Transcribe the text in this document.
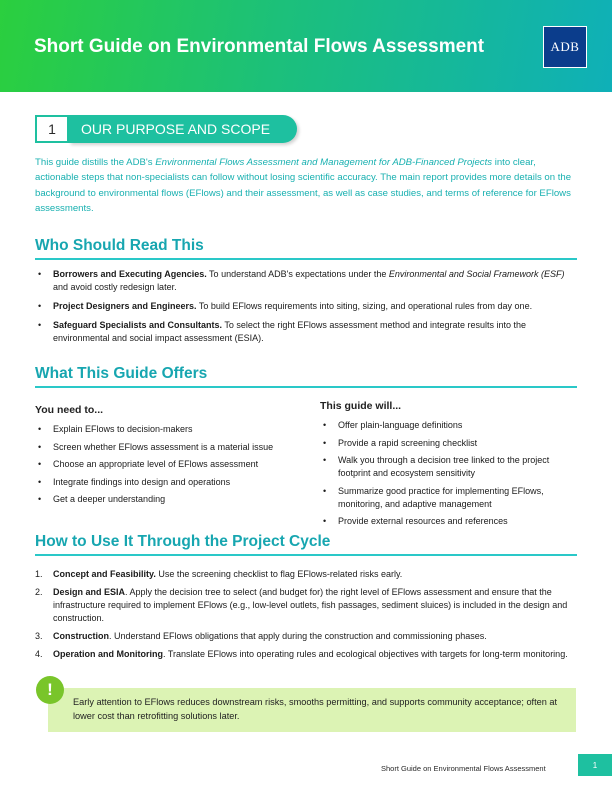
Short Guide on Environmental Flows Assessment	ADB
1	OUR PURPOSE AND SCOPE

This guide distills the ADB's Environmental Flows Assessment and Management for ADB-Financed Projects into clear, actionable steps that non-specialists can follow without losing scientific accuracy. The main report provides more details on the background to environmental flows (EFlows) and their assessment, as well as case studies, and terms of reference for EFlows assessments.

Who Should Read This
• Borrowers and Executing Agencies. To understand ADB's expectations under the Environmental and Social Framework (ESF) and avoid costly redesign later.
• Project Designers and Engineers. To build EFlows requirements into siting, sizing, and operational rules from day one.
• Safeguard Specialists and Consultants. To select the right EFlows assessment method and integrate results into the environmental and social impact assessment (ESIA).
What This Guide Offers
You need to...
• Explain EFlows to decision-makers
• Screen whether EFlows assessment is a material issue
• Choose an appropriate level of EFlows assessment
• Integrate findings into design and operations
• Get a deeper understanding
This guide will...
• Offer plain-language definitions
• Provide a rapid screening checklist
• Walk you through a decision tree linked to the project footprint and ecosystem sensitivity
• Summarize good practice for implementing EFlows, monitoring, and adaptive management
• Provide external resources and references
How to Use It Through the Project Cycle
1. Concept and Feasibility. Use the screening checklist to flag EFlows-related risks early.
2. Design and ESIA. Apply the decision tree to select (and budget for) the right level of EFlows assessment and ensure that the infrastructure required to implement EFlows (e.g., low-level outlets, fish passages, sediment sluices) is included in the design and construction.
3. Construction. Understand EFlows obligations that apply during the construction and commissioning phases.
4. Operation and Monitoring. Translate EFlows into operating rules and ecological objectives with targets for long-term monitoring.

Early attention to EFlows reduces downstream risks, smooths permitting, and supports community acceptance; often at lower cost than retrofitting solutions later.

!
Short Guide on Environmental Flows Assessment	1
